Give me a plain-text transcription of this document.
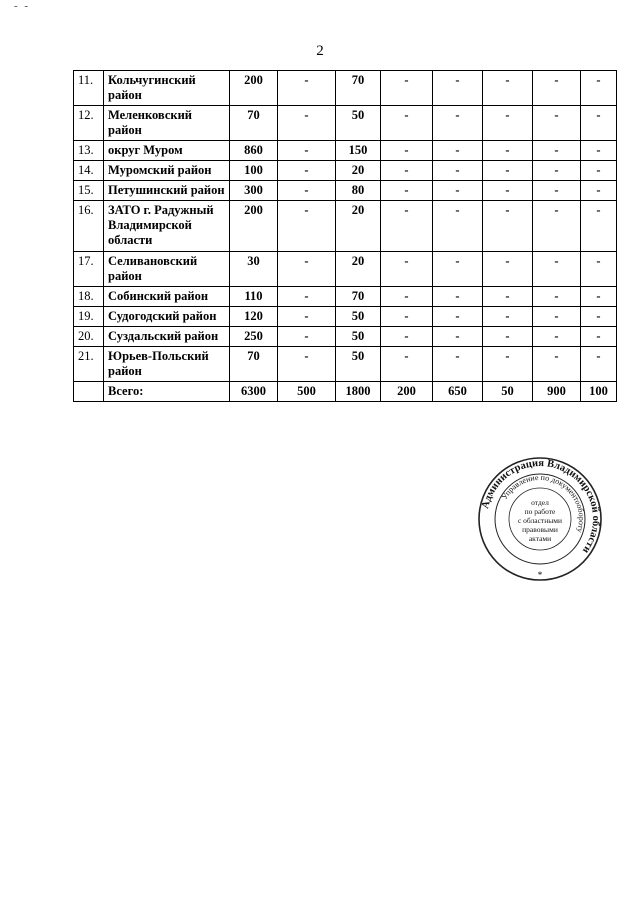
- -
2
11.	Кольчугинский район	200	-	70	-	-	-	-	-
12.	Меленковский район	70	-	50	-	-	-	-	-
13.	округ Муром	860	-	150	-	-	-	-	-
14.	Муромский район	100	-	20	-	-	-	-	-
15.	Петушинский район	300	-	80	-	-	-	-	-
16.	ЗАТО г. Радужный Владимирской области	200	-	20	-	-	-	-	-
17.	Селивановский район	30	-	20	-	-	-	-	-
18.	Собинский район	110	-	70	-	-	-	-	-
19.	Судогодский район	120	-	50	-	-	-	-	-
20.	Суздальский район	250	-	50	-	-	-	-	-
21.	Юрьев-Польский район	70	-	50	-	-	-	-	-
	Всего:	6300	500	1800	200	650	50	900	100
Администрация Владимирской области
Управление по документообороту
отдел
по работе
с областными
правовыми
актами
*
